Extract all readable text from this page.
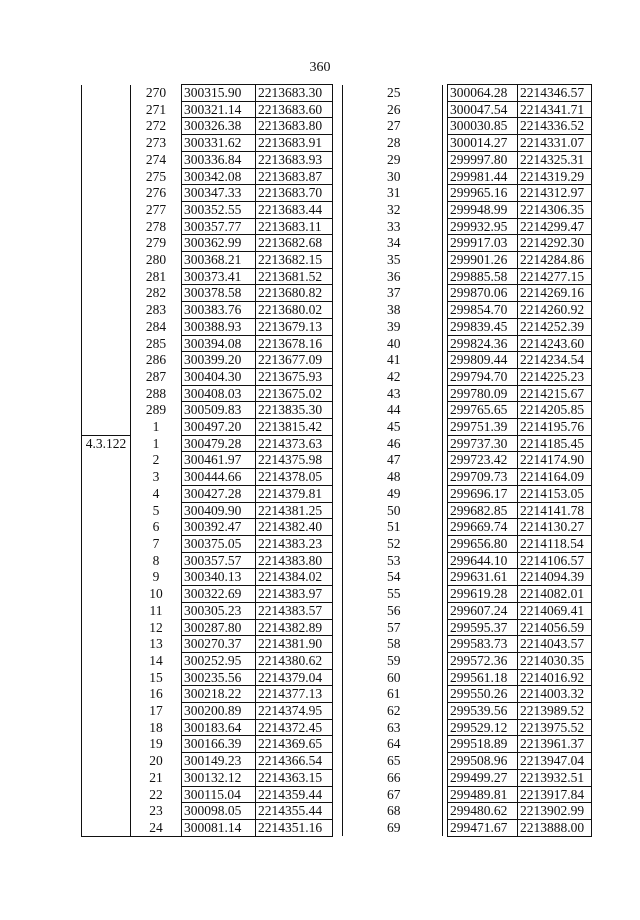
360
	270	300315.90	2213683.30
	271	300321.14	2213683.60
	272	300326.38	2213683.80
	273	300331.62	2213683.91
	274	300336.84	2213683.93
	275	300342.08	2213683.87
	276	300347.33	2213683.70
	277	300352.55	2213683.44
	278	300357.77	2213683.11
	279	300362.99	2213682.68
	280	300368.21	2213682.15
	281	300373.41	2213681.52
	282	300378.58	2213680.82
	283	300383.76	2213680.02
	284	300388.93	2213679.13
	285	300394.08	2213678.16
	286	300399.20	2213677.09
	287	300404.30	2213675.93
	288	300408.03	2213675.02
	289	300509.83	2213835.30
	1	300497.20	2213815.42
4.3.122	1	300479.28	2214373.63
	2	300461.97	2214375.98
	3	300444.66	2214378.05
	4	300427.28	2214379.81
	5	300409.90	2214381.25
	6	300392.47	2214382.40
	7	300375.05	2214383.23
	8	300357.57	2214383.80
	9	300340.13	2214384.02
	10	300322.69	2214383.97
	11	300305.23	2214383.57
	12	300287.80	2214382.89
	13	300270.37	2214381.90
	14	300252.95	2214380.62
	15	300235.56	2214379.04
	16	300218.22	2214377.13
	17	300200.89	2214374.95
	18	300183.64	2214372.45
	19	300166.39	2214369.65
	20	300149.23	2214366.54
	21	300132.12	2214363.15
	22	300115.04	2214359.44
	23	300098.05	2214355.44
	24	300081.14	2214351.16
	25	300064.28	2214346.57
26	300047.54	2214341.71
27	300030.85	2214336.52
28	300014.27	2214331.07
29	299997.80	2214325.31
30	299981.44	2214319.29
31	299965.16	2214312.97
32	299948.99	2214306.35
33	299932.95	2214299.47
34	299917.03	2214292.30
35	299901.26	2214284.86
36	299885.58	2214277.15
37	299870.06	2214269.16
38	299854.70	2214260.92
39	299839.45	2214252.39
40	299824.36	2214243.60
41	299809.44	2214234.54
42	299794.70	2214225.23
43	299780.09	2214215.67
44	299765.65	2214205.85
45	299751.39	2214195.76
46	299737.30	2214185.45
47	299723.42	2214174.90
48	299709.73	2214164.09
49	299696.17	2214153.05
50	299682.85	2214141.78
51	299669.74	2214130.27
52	299656.80	2214118.54
53	299644.10	2214106.57
54	299631.61	2214094.39
55	299619.28	2214082.01
56	299607.24	2214069.41
57	299595.37	2214056.59
58	299583.73	2214043.57
59	299572.36	2214030.35
60	299561.18	2214016.92
61	299550.26	2214003.32
62	299539.56	2213989.52
63	299529.12	2213975.52
64	299518.89	2213961.37
65	299508.96	2213947.04
66	299499.27	2213932.51
67	299489.81	2213917.84
68	299480.62	2213902.99
69	299471.67	2213888.00
